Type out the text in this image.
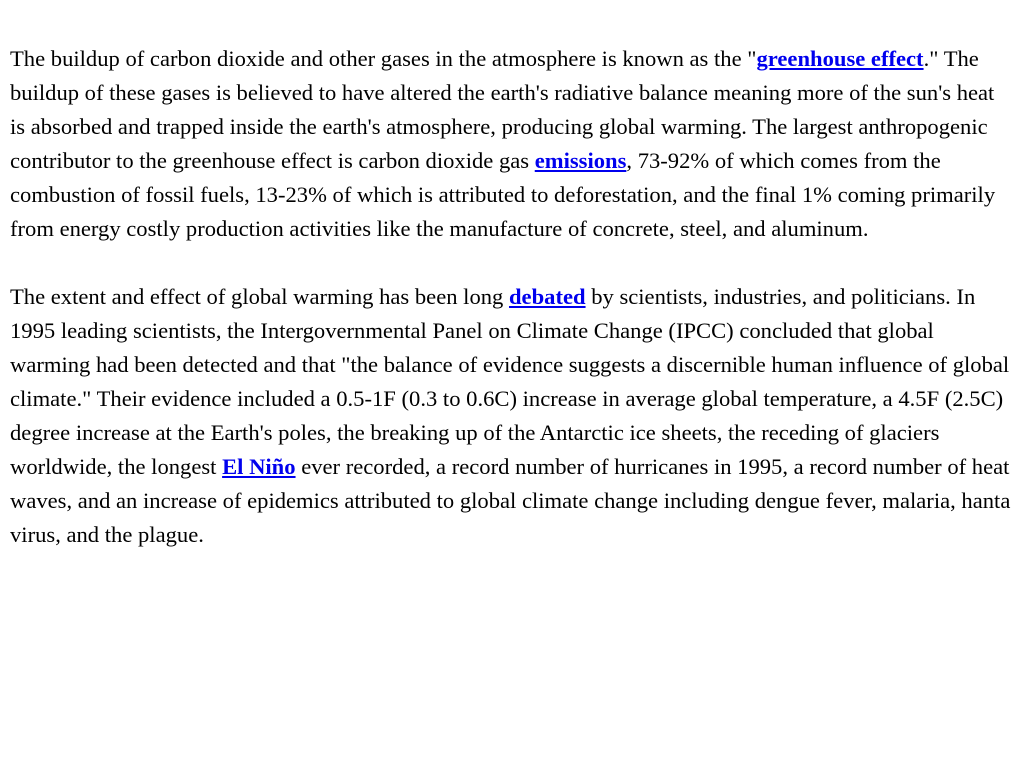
The buildup of carbon dioxide and other gases in the atmosphere is known as the "greenhouse effect." The buildup of these gases is believed to have altered the earth's radiative balance meaning more of the sun's heat is absorbed and trapped inside the earth's atmosphere, producing global warming. The largest anthropogenic contributor to the greenhouse effect is carbon dioxide gas emissions, 73-92% of which comes from the combustion of fossil fuels, 13-23% of which is attributed to deforestation, and the final 1% coming primarily from energy costly production activities like the manufacture of concrete, steel, and aluminum.

The extent and effect of global warming has been long debated by scientists, industries, and politicians. In 1995 leading scientists, the Intergovernmental Panel on Climate Change (IPCC) concluded that global warming had been detected and that "the balance of evidence suggests a discernible human influence of global climate." Their evidence included a 0.5-1F (0.3 to 0.6C) increase in average global temperature, a 4.5F (2.5C) degree increase at the Earth's poles, the breaking up of the Antarctic ice sheets, the receding of glaciers worldwide, the longest El Niño ever recorded, a record number of hurricanes in 1995, a record number of heat waves, and an increase of epidemics attributed to global climate change including dengue fever, malaria, hanta virus, and the plague.
